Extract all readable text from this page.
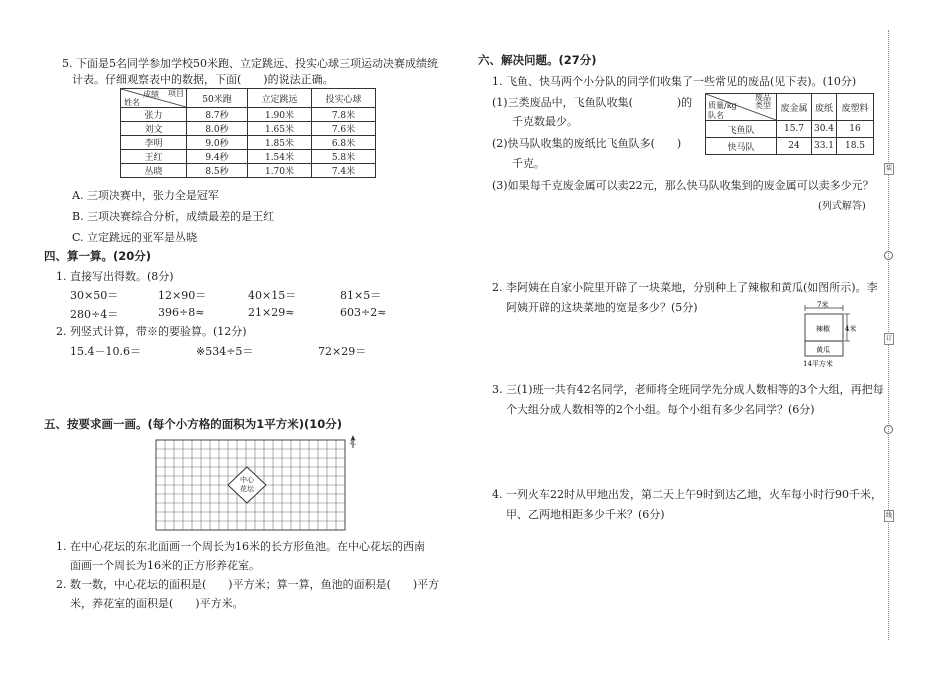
5. 下面是5名同学参加学校50米跑、立定跳远、投实心球三项运动决赛成绩统
计表。仔细观察表中的数据，下面(　　)的说法正确。
成绩 项目
姓名	50米跑	立定跳远	投实心球
张力	8.7秒	1.90米	7.8米
刘文	8.0秒	1.65米	7.6米
李明	9.0秒	1.85米	6.8米
王红	9.4秒	1.54米	5.8米
丛晓	8.5秒	1.70米	7.4米
A. 三项决赛中，张力全是冠军
B. 三项决赛综合分析，成绩最差的是王红
C. 立定跳远的亚军是丛晓
四、算一算。(20分)
1. 直接写出得数。(8分)
30×50＝	12×90＝	40×15＝	81×5＝
280÷4＝	396÷8≈	21×29≈	603÷2≈
2. 列竖式计算，带※的要验算。(12分)
15.4－10.6＝	※534÷5＝	72×29＝
五、按要求画一画。(每个小方格的面积为1平方米)(10分)
北
中心
花坛
1. 在中心花坛的东北面画一个周长为16米的长方形鱼池。在中心花坛的西南
面画一个周长为16米的正方形养花室。
2. 数一数，中心花坛的面积是(　　)平方米；算一算，鱼池的面积是(　　)平方
米，养花室的面积是(　　)平方米。
六、解决问题。(27分)
1. 飞鱼、快马两个小分队的同学们收集了一些常见的废品(见下表)。(10分)
(1)三类废品中，飞鱼队收集(　　　　)的
千克数最少。
(2)快马队收集的废纸比飞鱼队多(　　)
千克。
废品类型
质量/kg
队名	废金属	废纸	废塑料
飞鱼队	15.7	30.4	16
快马队	24	33.1	18.5
(3)如果每千克废金属可以卖22元，那么快马队收集到的废金属可以卖多少元？
(列式解答)
2. 李阿姨在自家小院里开辟了一块菜地，分别种上了辣椒和黄瓜(如图所示)。李
阿姨开辟的这块菜地的宽是多少？(5分)	7米
4米
辣椒
黄瓜
14平方米
3. 三(1)班一共有42名同学，老师将全班同学先分成人数相等的3个大组，再把每
个大组分成人数相等的2个小组。每个小组有多少名同学？(6分)
4. 一列火车22时从甲地出发，第二天上午9时到达乙地，火车每小时行90千米，
甲、乙两地相距多少千米？(6分)
装
订
线
